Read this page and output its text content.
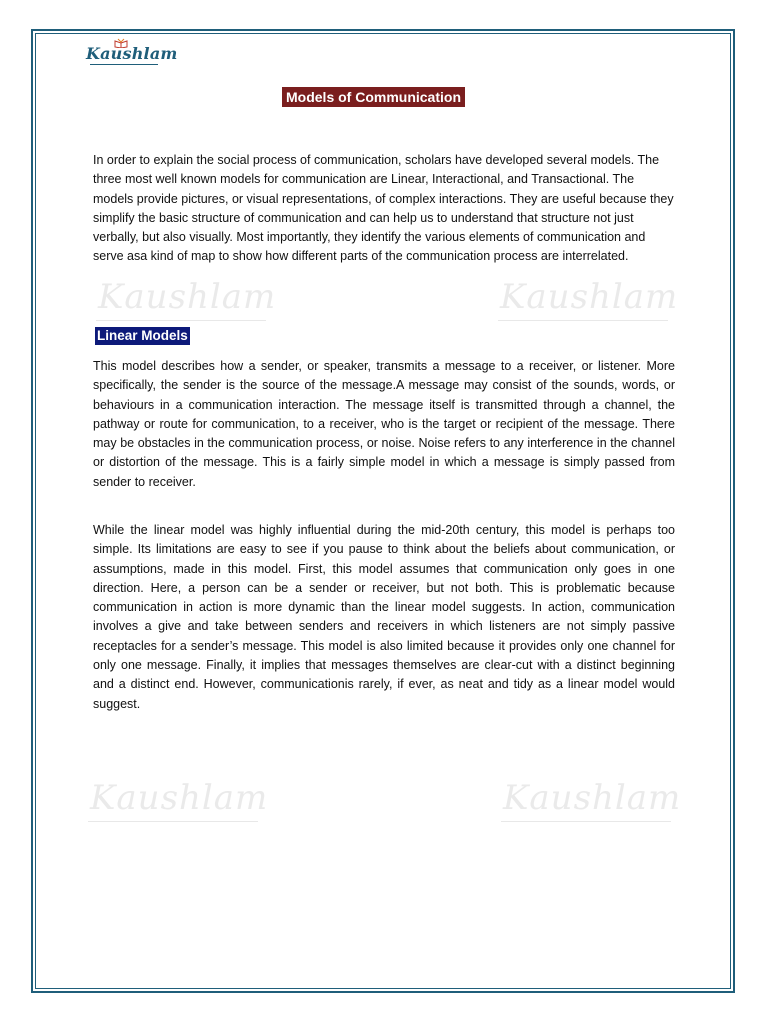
Kaushlam
Kaushlam	Kaushlam
Kaushlam	Kaushlam
Models of Communication
In order to explain the social process of communication, scholars have developed several models. The three most well known models for communication are Linear, Interactional, and Transactional. The models provide pictures, or visual representations, of complex interactions. They are useful because they simplify the basic structure of communication and can help us to understand that structure not just verbally, but also visually. Most importantly, they identify the various elements of communication and serve asa kind of map to show how different parts of the communication process are interrelated.
Linear Models
This model describes how a sender, or speaker, transmits a message to a receiver, or listener. More specifically, the sender is the source of the message.A message may consist of the sounds, words, or behaviours in a communication interaction. The message itself is transmitted through a channel, the pathway or route for communication, to a receiver, who is the target or recipient of the message. There may be obstacles in the communication process, or noise. Noise refers to any interference in the channel or distortion of the message. This is a fairly simple model in which a message is simply passed from sender to receiver.
While the linear model was highly influential during the mid-20th century, this model is perhaps too simple. Its limitations are easy to see if you pause to think about the beliefs about communication, or assumptions, made in this model. First, this model assumes that communication only goes in one direction. Here, a person can be a sender or receiver, but not both. This is problematic because communication in action is more dynamic than the linear model suggests. In action, communication involves a give and take between senders and receivers in which listeners are not simply passive receptacles for a sender’s message. This model is also limited because it provides only one channel for only one message. Finally, it implies that messages themselves are clear-cut with a distinct beginning and a distinct end. However, communicationis rarely, if ever, as neat and tidy as a linear model would suggest.
